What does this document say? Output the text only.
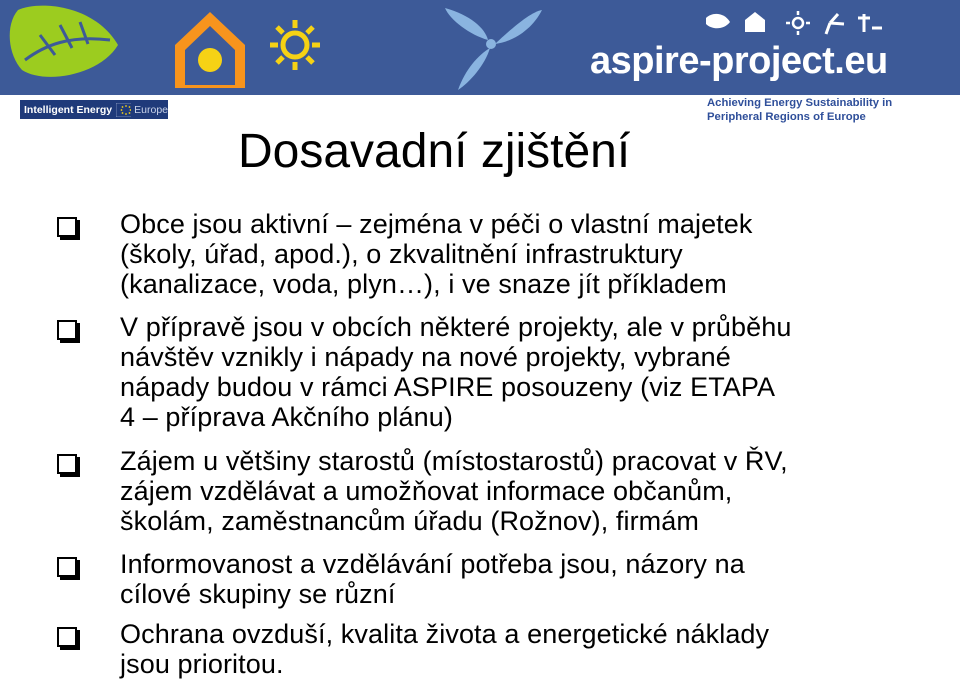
aspire-project.eu
Intelligent Energy Europe
Achieving Energy Sustainability in
Peripheral Regions of Europe
Dosavadní zjištění
Obce jsou aktivní – zejména v péči o vlastní majetek
(školy, úřad, apod.), o zkvalitnění infrastruktury
(kanalizace, voda, plyn…), i ve snaze jít příkladem
V přípravě jsou v obcích některé projekty, ale v průběhu
návštěv vznikly i nápady na nové projekty, vybrané
nápady budou v rámci ASPIRE posouzeny (viz ETAPA
4 – příprava Akčního plánu)
Zájem u většiny starostů (místostarostů) pracovat v ŘV,
zájem vzdělávat a umožňovat informace občanům,
školám, zaměstnancům úřadu (Rožnov), firmám
Informovanost a vzdělávání potřeba jsou, názory na
cílové skupiny se různí
Ochrana ovzduší, kvalita života a energetické náklady
jsou prioritou.
